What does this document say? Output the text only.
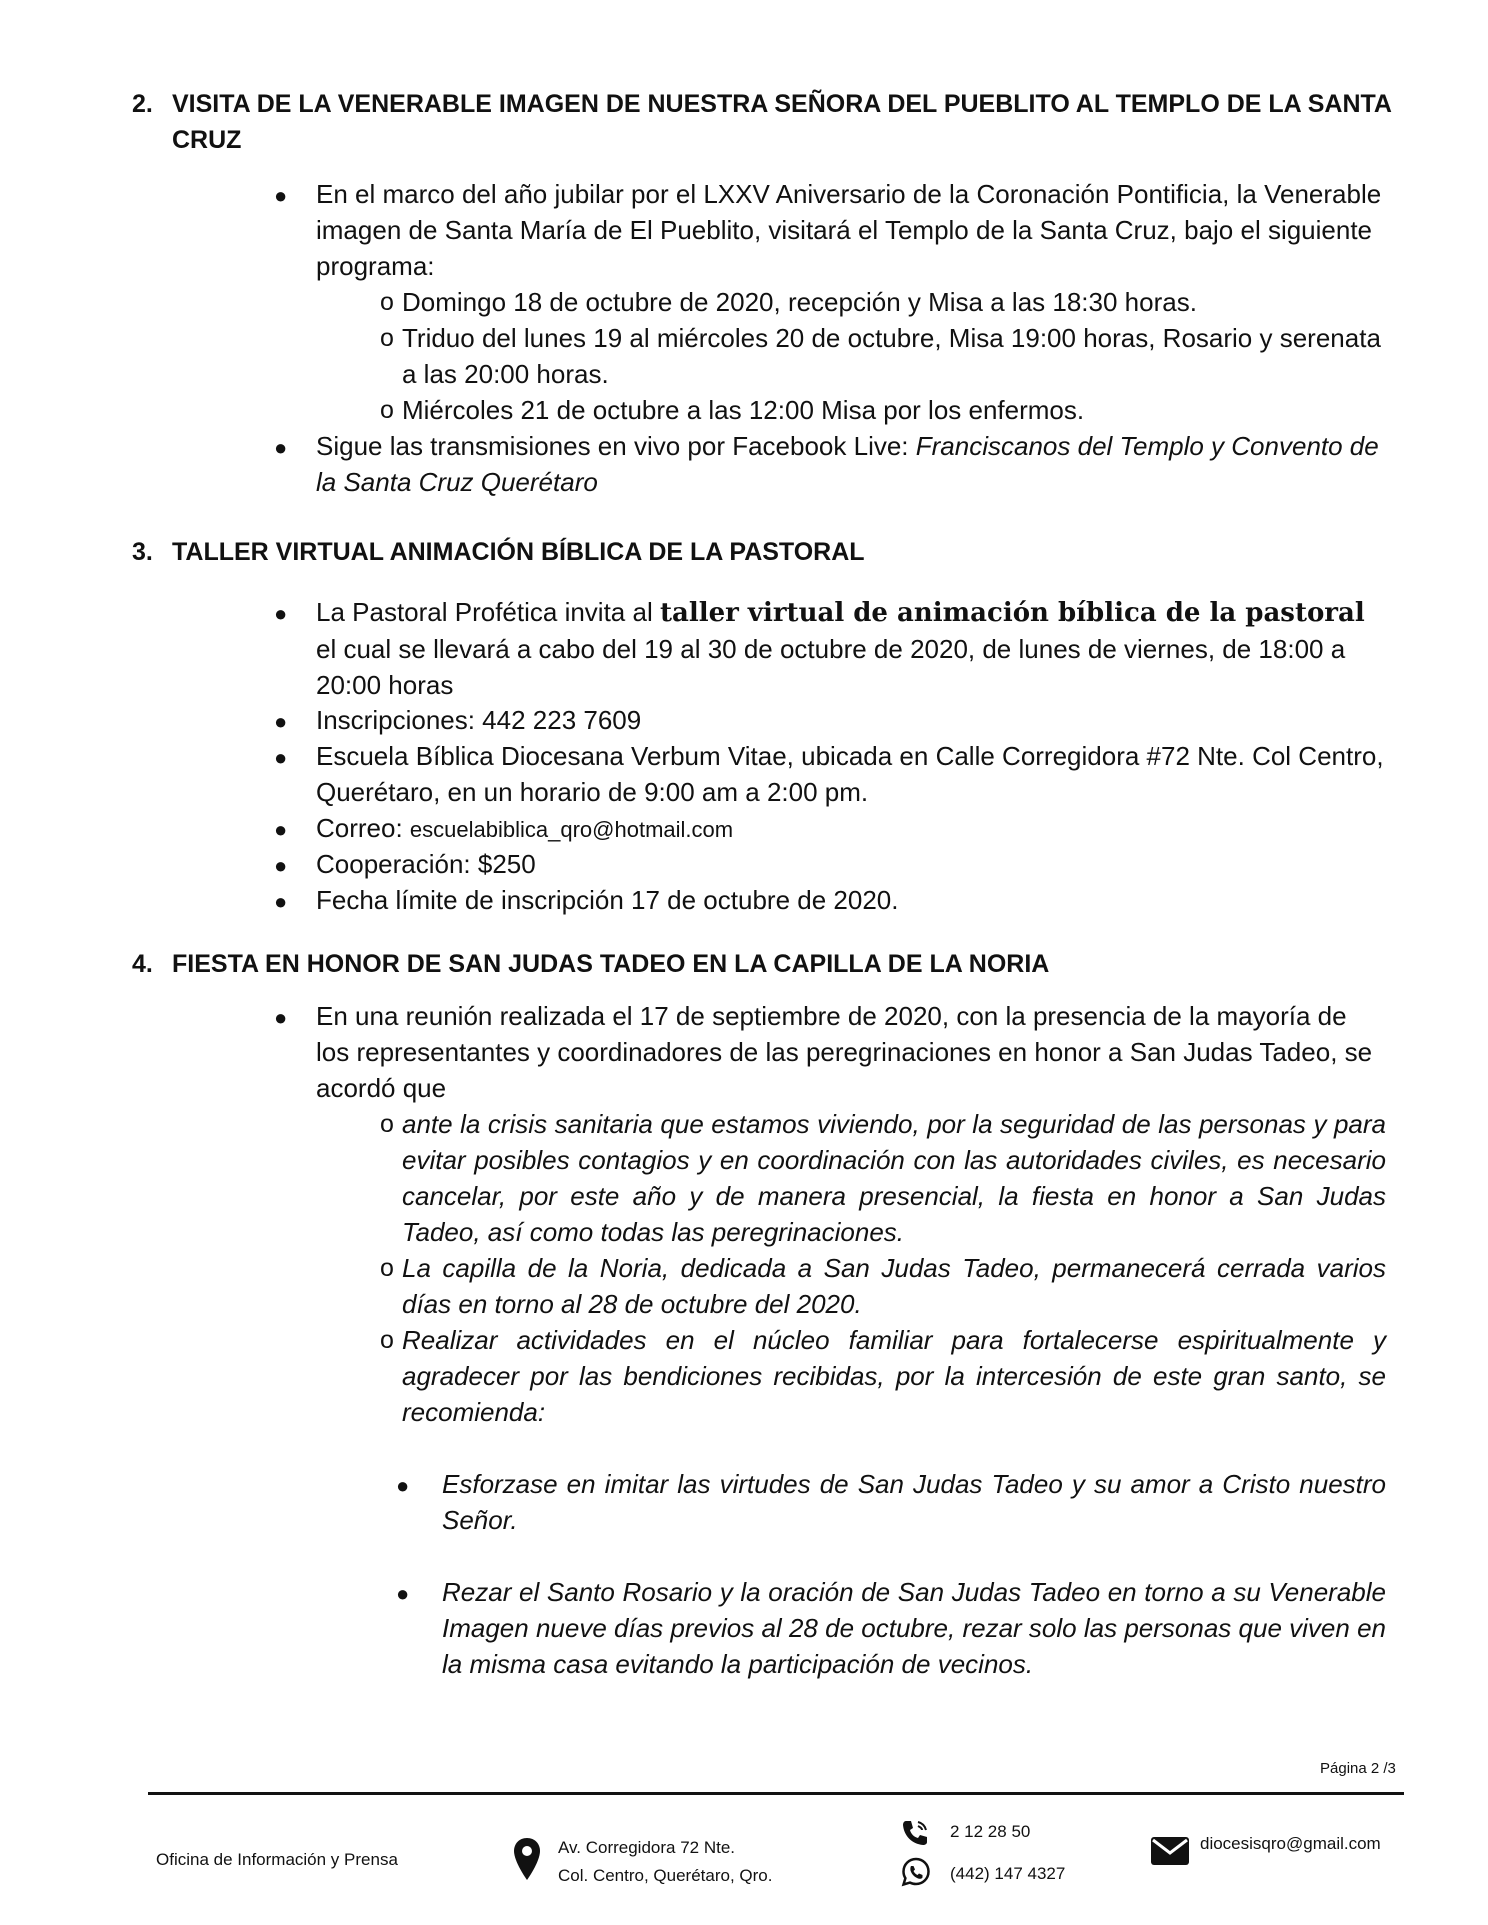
2. VISITA DE LA VENERABLE IMAGEN DE NUESTRA SEÑORA DEL PUEBLITO AL TEMPLO DE LA SANTA CRUZ
● En el marco del año jubilar por el LXXV Aniversario de la Coronación Pontificia, la Venerable imagen de Santa María de El Pueblito, visitará el Templo de la Santa Cruz, bajo el siguiente programa:
o Domingo 18 de octubre de 2020, recepción y Misa a las 18:30 horas.
o Triduo del lunes 19 al miércoles 20 de octubre, Misa 19:00 horas, Rosario y serenata a las 20:00 horas.
o Miércoles 21 de octubre a las 12:00 Misa por los enfermos.
● Sigue las transmisiones en vivo por Facebook Live: Franciscanos del Templo y Convento de la Santa Cruz Querétaro
3. TALLER VIRTUAL ANIMACIÓN BÍBLICA DE LA PASTORAL
● La Pastoral Profética invita al taller virtual de animación bíblica de la pastoral el cual se llevará a cabo del 19 al 30 de octubre de 2020, de lunes de viernes, de 18:00 a 20:00 horas
● Inscripciones: 442 223 7609
● Escuela Bíblica Diocesana Verbum Vitae, ubicada en Calle Corregidora #72 Nte. Col Centro, Querétaro, en un horario de 9:00 am a 2:00 pm.
● Correo: escuelabiblica_qro@hotmail.com
● Cooperación: $250
● Fecha límite de inscripción 17 de octubre de 2020.
4. FIESTA EN HONOR DE SAN JUDAS TADEO EN LA CAPILLA DE LA NORIA
● En una reunión realizada el 17 de septiembre de 2020, con la presencia de la mayoría de los representantes y coordinadores de las peregrinaciones en honor a San Judas Tadeo, se acordó que
o ante la crisis sanitaria que estamos viviendo, por la seguridad de las personas y para evitar posibles contagios y en coordinación con las autoridades civiles, es necesario cancelar, por este año y de manera presencial, la fiesta en honor a San Judas Tadeo, así como todas las peregrinaciones.
o La capilla de la Noria, dedicada a San Judas Tadeo, permanecerá cerrada varios días en torno al 28 de octubre del 2020.
o Realizar actividades en el núcleo familiar para fortalecerse espiritualmente y agradecer por las bendiciones recibidas, por la intercesión de este gran santo, se recomienda:
● Esforzase en imitar las virtudes de San Judas Tadeo y su amor a Cristo nuestro Señor.
● Rezar el Santo Rosario y la oración de San Judas Tadeo en torno a su Venerable Imagen nueve días previos al 28 de octubre, rezar solo las personas que viven en la misma casa evitando la participación de vecinos.
Página 2 /3
Oficina de Información y Prensa
Av. Corregidora 72 Nte.
Col. Centro, Querétaro, Qro.
2 12 28 50
(442) 147 4327
diocesisqro@gmail.com
